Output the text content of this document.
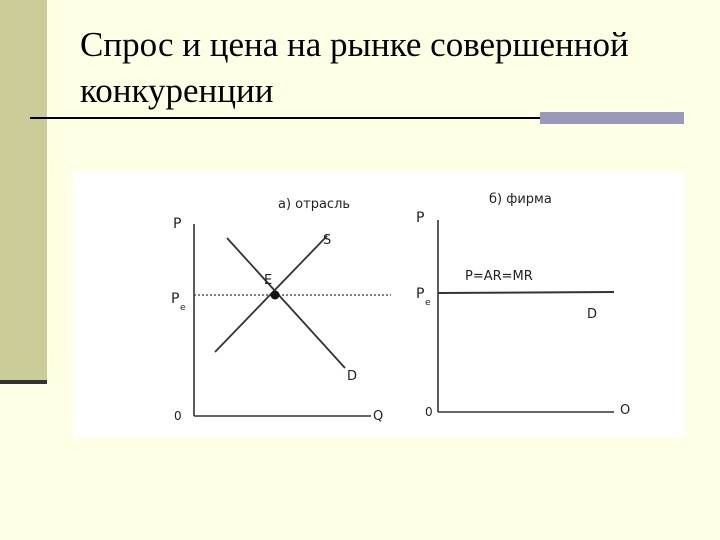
Спрос и цена на рынке совершенной
конкуренции
а) отрасль
P
Q
0
P
e
E
S
D
б) фирма
P
O
0
P
e
P=AR=MR
D
